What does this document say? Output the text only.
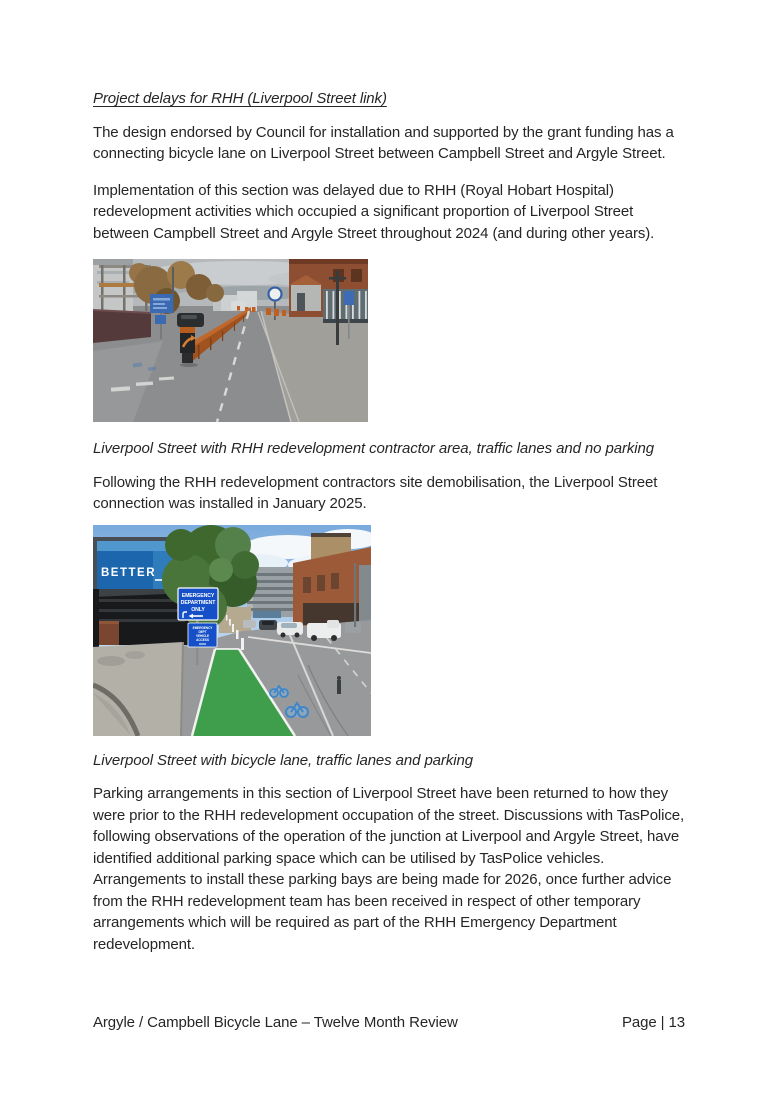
Project delays for RHH (Liverpool Street link)

The design endorsed by Council for installation and supported by the grant funding has a connecting bicycle lane on Liverpool Street between Campbell Street and Argyle Street.

Implementation of this section was delayed due to RHH (Royal Hobart Hospital) redevelopment activities which occupied a significant proportion of Liverpool Street between Campbell Street and Argyle Street throughout 2024 (and during other years).

Liverpool Street with RHH redevelopment contractor area, traffic lanes and no parking

Following the RHH redevelopment contractors site demobilisation, the Liverpool Street connection was installed in January 2025.

BETTER
EMERGENCY
DEPARTMENT
ONLY
EMERGENCY
DEPT
VEHICLE
ACCESS

Liverpool Street with bicycle lane, traffic lanes and parking

Parking arrangements in this section of Liverpool Street have been returned to how they were prior to the RHH redevelopment occupation of the street. Discussions with TasPolice, following observations of the operation of the junction at Liverpool and Argyle Street, have identified additional parking space which can be utilised by TasPolice vehicles. Arrangements to install these parking bays are being made for 2026, once further advice from the RHH redevelopment team has been received in respect of other temporary arrangements which will be required as part of the RHH Emergency Department redevelopment.

Argyle / Campbell Bicycle Lane – Twelve Month Review	Page | 13
